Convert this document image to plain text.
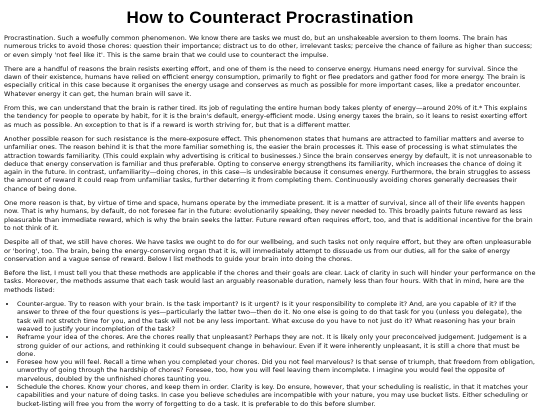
How to Counteract Procrastination

Procrastination. Such a woefully common phenomenon. We know there are tasks we must do, but an unshakeable aversion to them looms. The brain has numerous tricks to avoid those chores: question their importance; distract us to do other, irrelevant tasks; perceive the chance of failure as higher than success; or even simply 'not feel like it'. This is the same brain that we could use to counteract the impulse.

There are a handful of reasons the brain resists exerting effort, and one of them is the need to conserve energy. Humans need energy for survival. Since the dawn of their existence, humans have relied on efficient energy consumption, primarily to fight or flee predators and gather food for more energy. The brain is especially critical in this case because it organises the energy usage and conserves as much as possible for more important cases, like a predator encounter. Whatever energy it can get, the human brain will save it.

From this, we can understand that the brain is rather tired. Its job of regulating the entire human body takes plenty of energy—around 20% of it.* This explains the tendency for people to operate by habit, for it is the brain's default, energy-efficient mode. Using energy taxes the brain, so it leans to resist exerting effort as much as possible. An exception to that is if a reward is worth striving for, but that is a different matter.

Another possible reason for such resistance is the mere-exposure effect. This phenomenon states that humans are attracted to familiar matters and averse to unfamiliar ones. The reason behind it is that the more familiar something is, the easier the brain processes it. This ease of processing is what stimulates the attraction towards familiarity. (This could explain why advertising is critical to businesses.) Since the brain conserves energy by default, it is not unreasonable to deduce that energy conservation is familiar and thus preferable. Opting to conserve energy strengthens its familiarity, which increases the chance of doing it again in the future. In contrast, unfamiliarity—doing chores, in this case—is undesirable because it consumes energy. Furthermore, the brain struggles to assess the amount of reward it could reap from unfamiliar tasks, further deterring it from completing them. Continuously avoiding chores generally decreases their chance of being done.

One more reason is that, by virtue of time and space, humans operate by the immediate present. It is a matter of survival, since all of their life events happen now. That is why humans, by default, do not foresee far in the future: evolutionarily speaking, they never needed to. This broadly paints future reward as less pleasurable than immediate reward, which is why the brain seeks the latter. Future reward often requires effort, too, and that is additional incentive for the brain to not think of it.

Despite all of that, we still have chores. We have tasks we ought to do for our wellbeing, and such tasks not only require effort, but they are often unpleasurable or 'boring', too. The brain, being the energy-conserving organ that it is, will immediately attempt to dissuade us from our duties, all for the sake of energy conservation and a vague sense of reward. Below I list methods to guide your brain into doing the chores.

Before the list, I must tell you that these methods are applicable if the chores and their goals are clear. Lack of clarity in such will hinder your performance on the tasks. Moreover, the methods assume that each task would last an arguably reasonable duration, namely less than four hours. With that in mind, here are the methods listed:

• Counter-argue. Try to reason with your brain. Is the task important? Is it urgent? Is it your responsibility to complete it? And, are you capable of it? If the answer to three of the four questions is yes—particularly the latter two—then do it. No one else is going to do that task for you (unless you delegate), the task will not stretch time for you, and the task will not be any less important. What excuse do you have to not just do it? What reasoning has your brain weaved to justify your incompletion of the task?
• Reframe your idea of the chores. Are the chores really that unpleasant? Perhaps they are not. It is likely only your preconceived judgement. Judgement is a strong guider of our actions, and rethinking it could subsequent change in behaviour. Even if it were inherently unpleasant, it is still a chore that must be done.
• Foresee how you will feel. Recall a time when you completed your chores. Did you not feel marvelous? Is that sense of triumph, that freedom from obligation, unworthy of going through the hardship of chores? Foresee, too, how you will feel leaving them incomplete. I imagine you would feel the opposite of marvelous, doubled by the unfinished chores taunting you.
• Schedule the chores. Know your chores, and keep them in order. Clarity is key. Do ensure, however, that your scheduling is realistic, in that it matches your capabilities and your nature of doing tasks. In case you believe schedules are incompatible with your nature, you may use bucket lists. Either scheduling or bucket-listing will free you from the worry of forgetting to do a task. It is preferable to do this before slumber.
